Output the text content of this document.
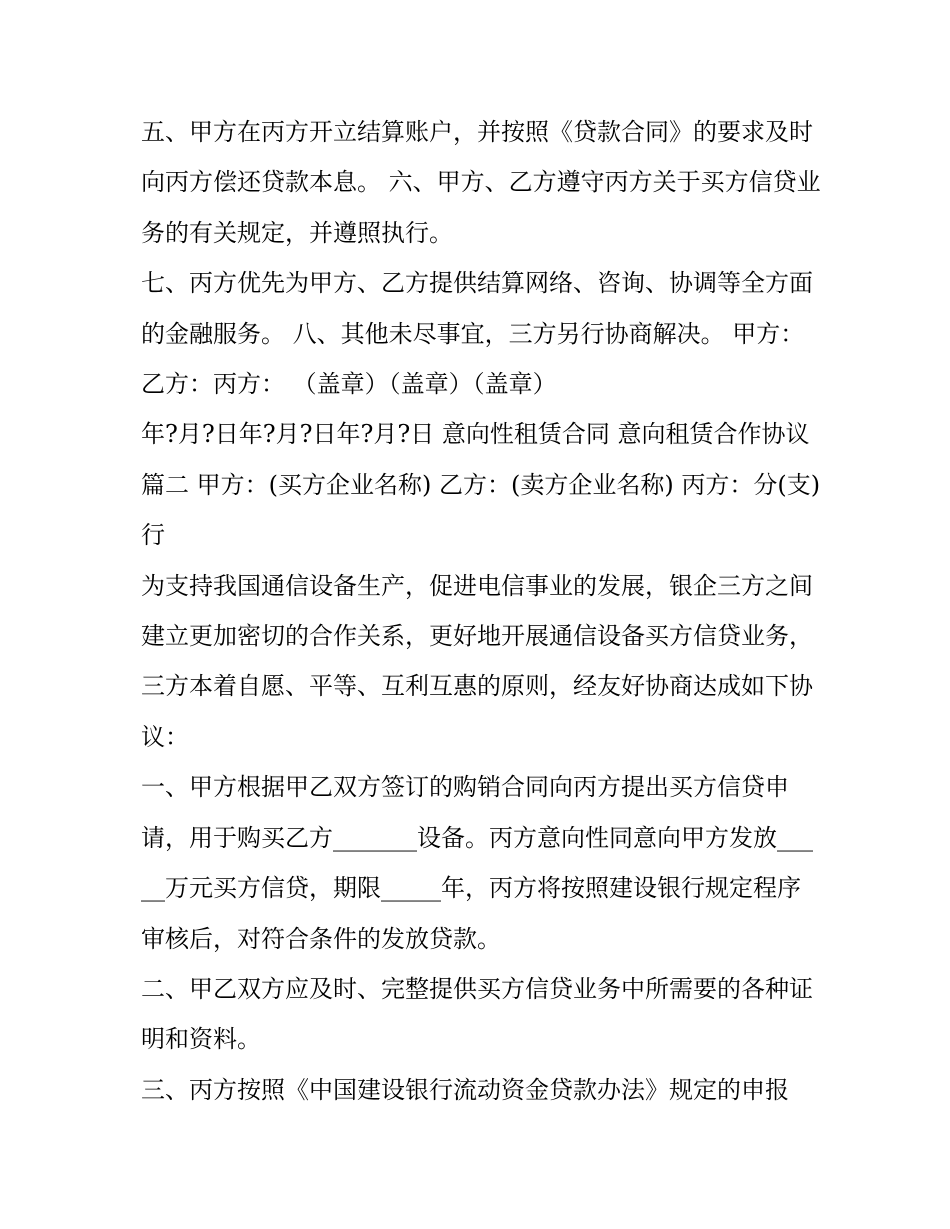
五、甲方在丙方开立结算账户，并按照《贷款合同》的要求及时向丙方偿还贷款本息。 六、甲方、乙方遵守丙方关于买方信贷业务的有关规定，并遵照执行。

七、丙方优先为甲方、乙方提供结算网络、咨询、协调等全方面的金融服务。 八、其他未尽事宜，三方另行协商解决。 甲方：乙方：丙方： （盖章）（盖章）（盖章）

年?月?日年?月?日年?月?日 意向性租赁合同 意向租赁合作协议篇二 甲方：(买方企业名称) 乙方：(卖方企业名称) 丙方：分(支)行

为支持我国通信设备生产，促进电信事业的发展，银企三方之间建立更加密切的合作关系，更好地开展通信设备买方信贷业务，三方本着自愿、平等、互利互惠的原则，经友好协商达成如下协议：

一、甲方根据甲乙双方签订的购销合同向丙方提出买方信贷申请，用于购买乙方_______设备。丙方意向性同意向甲方发放_____万元买方信贷，期限_____年，丙方将按照建设银行规定程序审核后，对符合条件的发放贷款。

二、甲乙双方应及时、完整提供买方信贷业务中所需要的各种证明和资料。

三、丙方按照《中国建设银行流动资金贷款办法》规定的申报
